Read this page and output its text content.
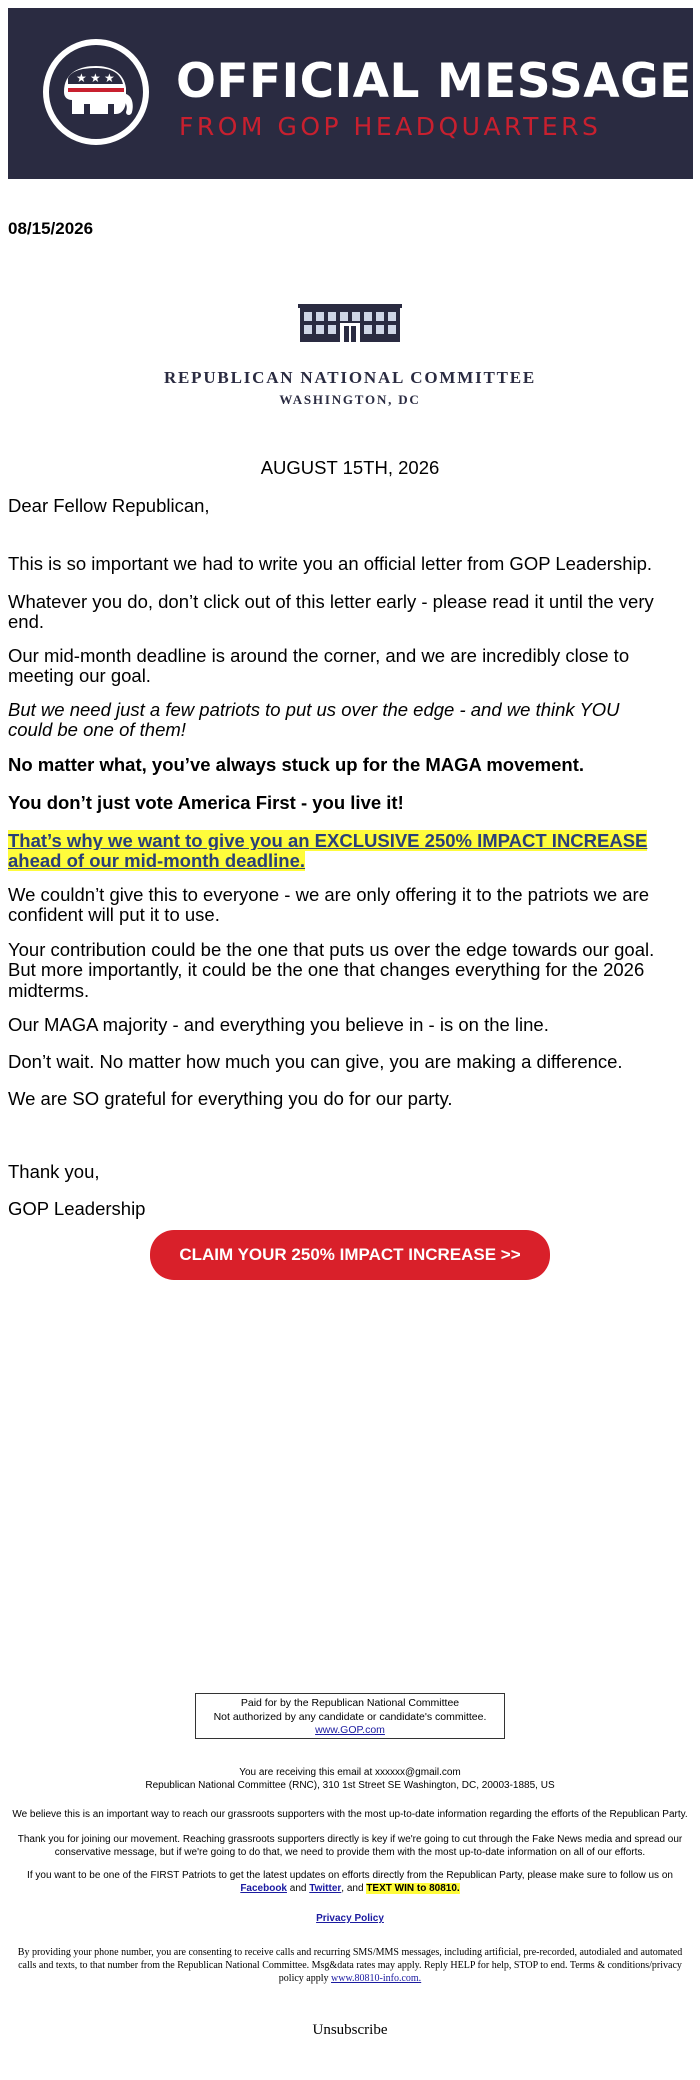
★ ★ ★ OFFICIAL MESSAGE
FROM GOP HEADQUARTERS
08/15/2026
REPUBLICAN NATIONAL COMMITTEE
WASHINGTON, DC
AUGUST 15TH, 2026
Dear Fellow Republican,
This is so important we had to write you an official letter from GOP Leadership.
Whatever you do, don’t click out of this letter early - please read it until the very end.
Our mid-month deadline is around the corner, and we are incredibly close to meeting our goal.
But we need just a few patriots to put us over the edge - and we think YOU could be one of them!
No matter what, you’ve always stuck up for the MAGA movement.
You don’t just vote America First - you live it!
That’s why we want to give you an EXCLUSIVE 250% IMPACT INCREASE ahead of our mid-month deadline.
We couldn’t give this to everyone - we are only offering it to the patriots we are confident will put it to use.
Your contribution could be the one that puts us over the edge towards our goal. But more importantly, it could be the one that changes everything for the 2026 midterms.
Our MAGA majority - and everything you believe in - is on the line.
Don’t wait. No matter how much you can give, you are making a difference.
We are SO grateful for everything you do for our party.
Thank you,
GOP Leadership
CLAIM YOUR 250% IMPACT INCREASE >>
Paid for by the Republican National Committee
Not authorized by any candidate or candidate's committee.
www.GOP.com
You are receiving this email at xxxxxx@gmail.com
Republican National Committee (RNC), 310 1st Street SE Washington, DC, 20003-1885, US
We believe this is an important way to reach our grassroots supporters with the most up-to-date information regarding the efforts of the Republican Party.
Thank you for joining our movement. Reaching grassroots supporters directly is key if we're going to cut through the Fake News media and spread our conservative message, but if we're going to do that, we need to provide them with the most up-to-date information on all of our efforts.
If you want to be one of the FIRST Patriots to get the latest updates on efforts directly from the Republican Party, please make sure to follow us on
Facebook and Twitter, and TEXT WIN to 80810.
Privacy Policy
By providing your phone number, you are consenting to receive calls and recurring SMS/MMS messages, including artificial, pre-recorded, autodialed and automated calls and texts, to that number from the Republican National Committee. Msg&data rates may apply. Reply HELP for help, STOP to end. Terms & conditions/privacy policy apply www.80810-info.com.
Unsubscribe
